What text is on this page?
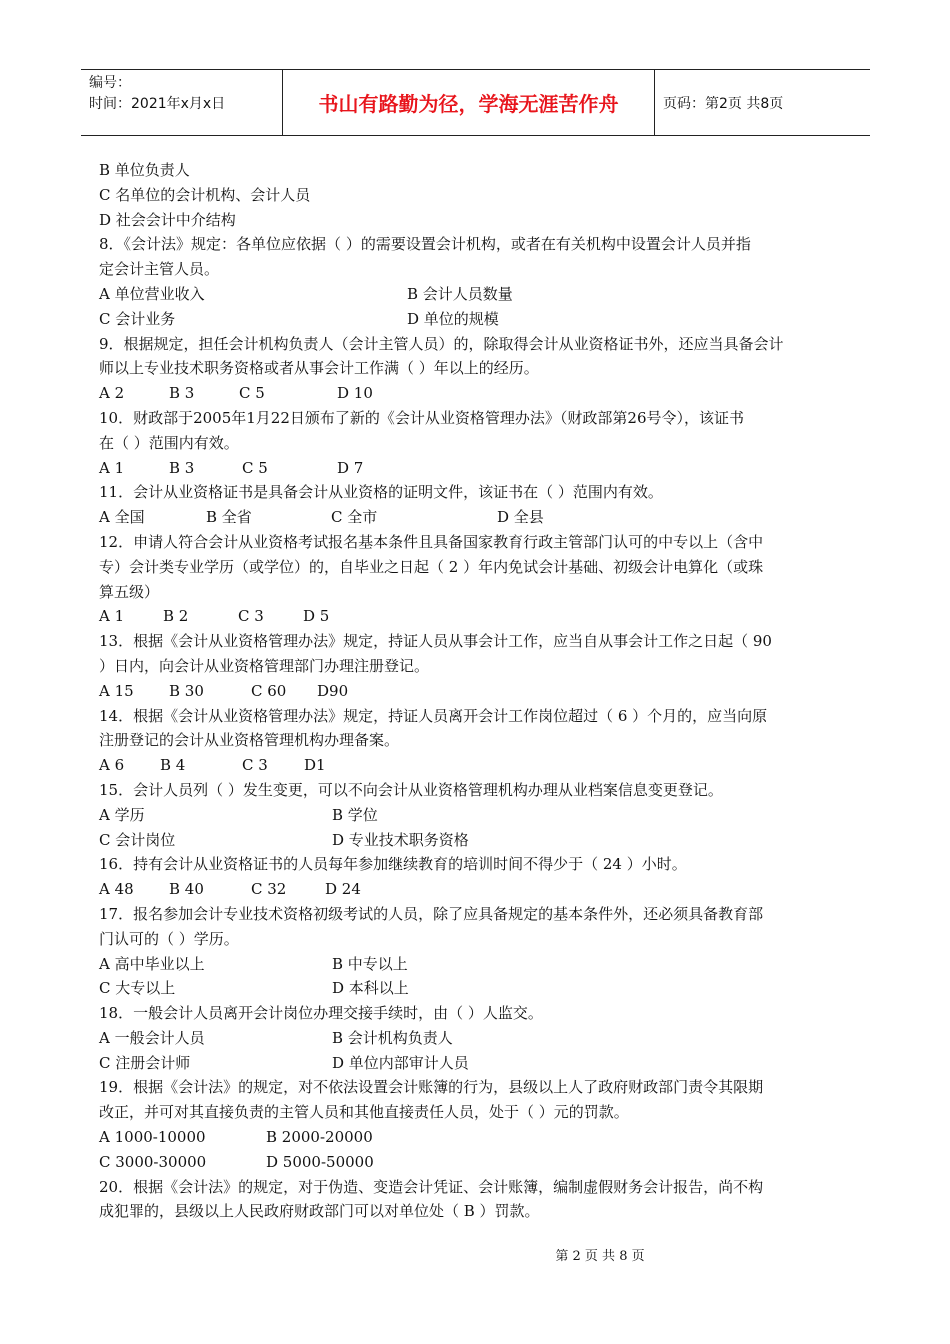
编号：
时间：2021年x月x日	书山有路勤为径，学海无涯苦作舟	页码：第2页 共8页
B 单位负责人
C 名单位的会计机构、会计人员
D 社会会计中介结构
8．《会计法》规定：各单位应依据（ ）的需要设置会计机构，或者在有关机构中设置会计人员并指
定会计主管人员。
A 单位营业收入	B 会计人员数量
C 会计业务	D 单位的规模
9．根据规定，担任会计机构负责人（会计主管人员）的，除取得会计从业资格证书外，还应当具备会计
师以上专业技术职务资格或者从事会计工作满（ ）年以上的经历。
A 2	B 3	C 5	D 10
10．财政部于2005年1月22日颁布了新的《会计从业资格管理办法》（财政部第26号令），该证书
在（ ）范围内有效。
A 1	B 3	C 5	D 7
11．会计从业资格证书是具备会计从业资格的证明文件，该证书在（ ）范围内有效。
A 全国	B 全省	C 全市	D 全县
12．申请人符合会计从业资格考试报名基本条件且具备国家教育行政主管部门认可的中专以上（含中
专）会计类专业学历（或学位）的，自毕业之日起（ 2 ）年内免试会计基础、初级会计电算化（或珠
算五级）
A 1	B 2	C 3	D 5
13．根据《会计从业资格管理办法》规定，持证人员从事会计工作，应当自从事会计工作之日起（ 90
）日内，向会计从业资格管理部门办理注册登记。
A 15	B 30	C 60	D90
14．根据《会计从业资格管理办法》规定，持证人员离开会计工作岗位超过（ 6 ）个月的，应当向原
注册登记的会计从业资格管理机构办理备案。
A 6	B 4	C 3	D1
15．会计人员列（ ）发生变更，可以不向会计从业资格管理机构办理从业档案信息变更登记。
A 学历	B 学位
C 会计岗位	D 专业技术职务资格
16．持有会计从业资格证书的人员每年参加继续教育的培训时间不得少于（ 24 ）小时。
A 48	B 40	C 32	D 24
17．报名参加会计专业技术资格初级考试的人员，除了应具备规定的基本条件外，还必须具备教育部
门认可的（ ）学历。
A 高中毕业以上	B 中专以上
C 大专以上	D 本科以上
18．一般会计人员离开会计岗位办理交接手续时，由（ ）人监交。
A 一般会计人员	B 会计机构负责人
C 注册会计师	D 单位内部审计人员
19．根据《会计法》的规定，对不依法设置会计账簿的行为，县级以上人了政府财政部门责令其限期
改正，并可对其直接负责的主管人员和其他直接责任人员，处于（ ）元的罚款。
A 1000-10000	B 2000-20000
C 3000-30000	D 5000-50000
20．根据《会计法》的规定，对于伪造、变造会计凭证、会计账簿，编制虚假财务会计报告，尚不构
成犯罪的，县级以上人民政府财政部门可以对单位处（ B ）罚款。
第 2 页 共 8 页
